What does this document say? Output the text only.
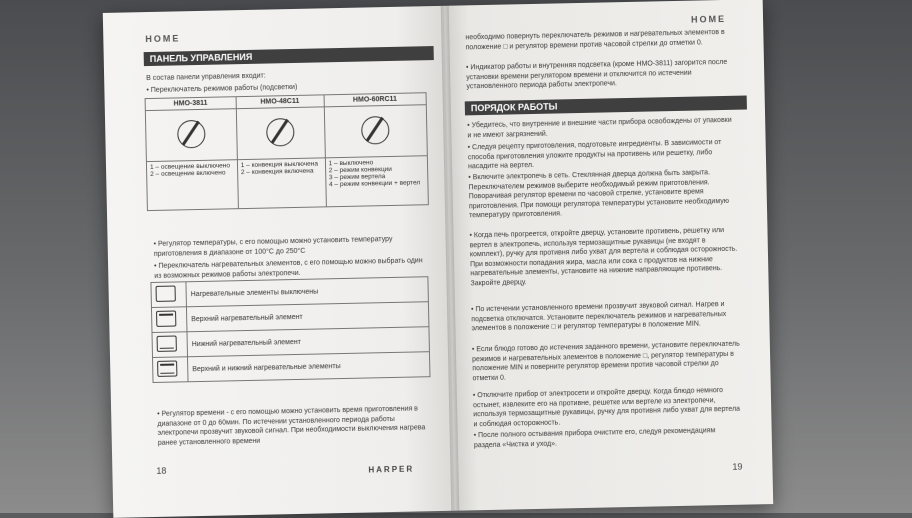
HOME
ПАНЕЛЬ УПРАВЛЕНИЯ
В состав панели управления входит:
• Переключатель режимов работы (подсветки)
HMO-3811	HMO-48C11	HMO-60RC11

1 – освещение выключено
2 – освещение включено	1 – конвекция выключена
2 – конвекция включена	1 – выключено
2 – режим конвекции
3 – режим вертела
4 – режим конвекции + вертел
• Регулятор температуры, с его помощью можно установить температуру приготовления в диапазоне от 100°C до 250°C
• Переключатель нагревательных элементов, с его помощью можно выбрать один из возможных режимов работы электропечи.
	Нагревательные элементы выключены
	Верхний нагревательный элемент
	Нижний нагревательный элемент
	Верхний и нижний нагревательные элементы
• Регулятор времени - с его помощью можно установить время приготовления в диапазоне от 0 до 60мин. По истечении установленного периода работы электропечи прозвучит звуковой сигнал. При необходимости выключения нагрева ранее установленного времени
18	HARPER
HOME
необходимо повернуть переключатель режимов и нагревательных элементов в положение □ и регулятор времени против часовой стрелки до отметки 0.
• Индикатор работы и внутренняя подсветка (кроме HMO-3811) загорится после установки времени регулятором времени и отключится по истечении установленного периода работы электропечи.
ПОРЯДОК РАБОТЫ
• Убедитесь, что внутренние и внешние части прибора освобождены от упаковки и не имеют загрязнений.
• Следуя рецепту приготовления, подготовьте ингредиенты. В зависимости от способа приготовления уложите продукты на противень или решетку, либо насадите на вертел.
• Включите электропечь в сеть. Стеклянная дверца должна быть закрыта. Переключателем режимов выберите необходимый режим приготовления. Поворачивая регулятор времени по часовой стрелке, установите время приготовления. При помощи регулятора температуры установите необходимую температуру приготовления.
• Когда печь прогреется, откройте дверцу, установите противень, решетку или вертел в электропечь, используя термозащитные рукавицы (не входят в комплект), ручку для противня либо ухват для вертела и соблюдая осторожность. При возможности попадания жира, масла или сока с продуктов на нижние нагревательные элементы, установите на нижние направляющие противень. Закройте дверцу.
• По истечении установленного времени прозвучит звуковой сигнал. Нагрев и подсветка отключатся. Установите переключатель режимов и нагревательных элементов в положение □ и регулятор температуры в положение MIN.
• Если блюдо готово до истечения заданного времени, установите переключатель режимов и нагревательных элементов в положение □, регулятор температуры в положение MIN и поверните регулятор времени против часовой стрелки до отметки 0.
• Отключите прибор от электросети и откройте дверцу. Когда блюдо немного остынет, извлеките его на противне, решетке или вертеле из электропечи, используя термозащитные рукавицы, ручку для противня либо ухват для вертела и соблюдая осторожность.
• После полного остывания прибора очистите его, следуя рекомендациям раздела «Чистка и уход».
19
